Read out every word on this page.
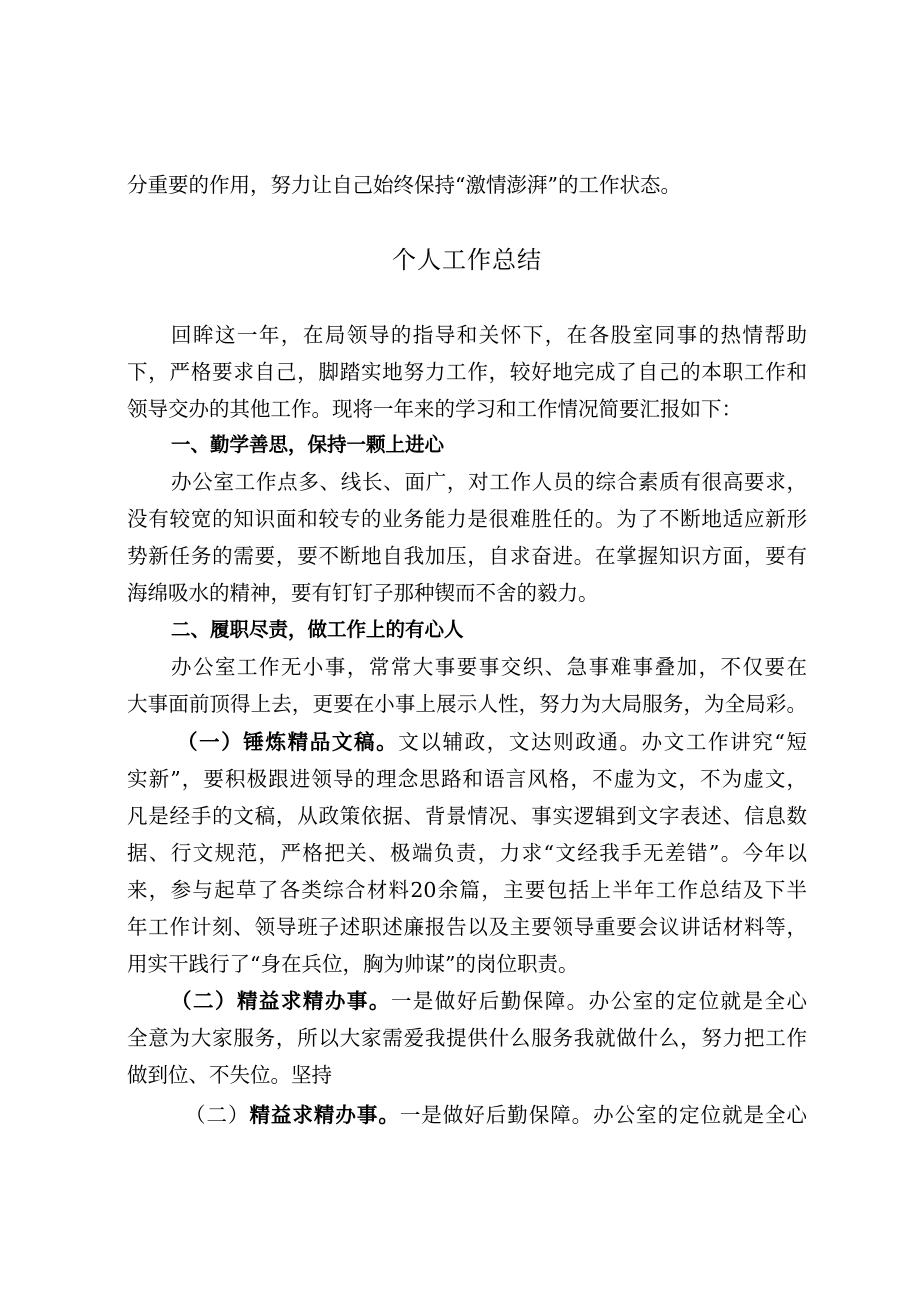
分重要的作用，努力让自己始终保持“激情澎湃”的工作状态。
个人工作总结
回眸这一年，在局领导的指导和关怀下，在各股室同事的热情帮助
下，严格要求自己，脚踏实地努力工作，较好地完成了自己的本职工作和
领导交办的其他工作。现将一年来的学习和工作情况简要汇报如下：
一、勤学善思，保持一颗上进心
办公室工作点多、线长、面广，对工作人员的综合素质有很高要求，
没有较宽的知识面和较专的业务能力是很难胜任的。为了不断地适应新形
势新任务的需要，要不断地自我加压，自求奋进。在掌握知识方面，要有
海绵吸水的精神，要有钉钉子那种锲而不舍的毅力。
二、履职尽责，做工作上的有心人
办公室工作无小事，常常大事要事交织、急事难事叠加，不仅要在
大事面前顶得上去，更要在小事上展示人性，努力为大局服务，为全局彩。
（一）锤炼精品文稿。文以辅政，文达则政通。办文工作讲究“短
实新”，要积极跟进领导的理念思路和语言风格，不虚为文，不为虚文，
凡是经手的文稿，从政策依据、背景情况、事实逻辑到文字表述、信息数
据、行文规范，严格把关、极端负责，力求“文经我手无差错”。今年以
来，参与起草了各类综合材料20余篇，主要包括上半年工作总结及下半
年工作计刻、领导班子述职述廉报告以及主要领导重要会议讲话材料等，
用实干践行了“身在兵位，胸为帅谋”的岗位职责。
（二）精益求精办事。一是做好后勤保障。办公室的定位就是全心
全意为大家服务，所以大家需爱我提供什么服务我就做什么，努力把工作
做到位、不失位。坚持
（二）精益求精办事。一是做好后勤保障。办公室的定位就是全心
